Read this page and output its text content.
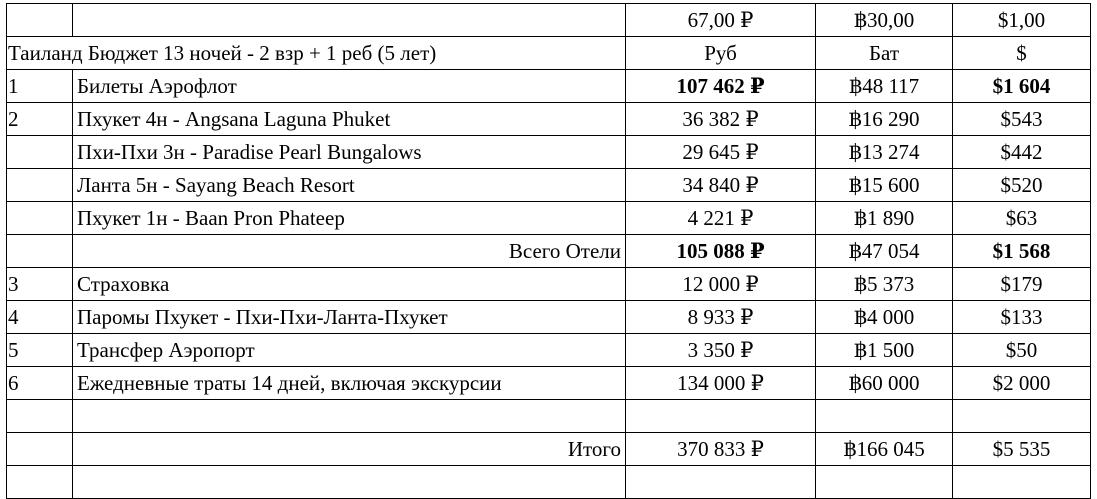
		67,00 ₽	฿30,00	$1,00
Таиланд Бюджет 13 ночей - 2 взр + 1 реб (5 лет)		Руб	Бат	$
1	Билеты Аэрофлот	107 462 ₽	฿48 117	$1 604
2	Пхукет 4н - Angsana Laguna Phuket	36 382 ₽	฿16 290	$543
	Пхи-Пхи 3н - Paradise Pearl Bungalows	29 645 ₽	฿13 274	$442
	Ланта 5н - Sayang Beach Resort	34 840 ₽	฿15 600	$520
	Пхукет 1н - Baan Pron Phateep	4 221 ₽	฿1 890	$63
	Всего Отели	105 088 ₽	฿47 054	$1 568
3	Страховка	12 000 ₽	฿5 373	$179
4	Паромы Пхукет - Пхи-Пхи-Ланта-Пхукет	8 933 ₽	฿4 000	$133
5	Трансфер Аэропорт	3 350 ₽	฿1 500	$50
6	Ежедневные траты 14 дней, включая экскурсии	134 000 ₽	฿60 000	$2 000

	Итого	370 833 ₽	฿166 045	$5 535
